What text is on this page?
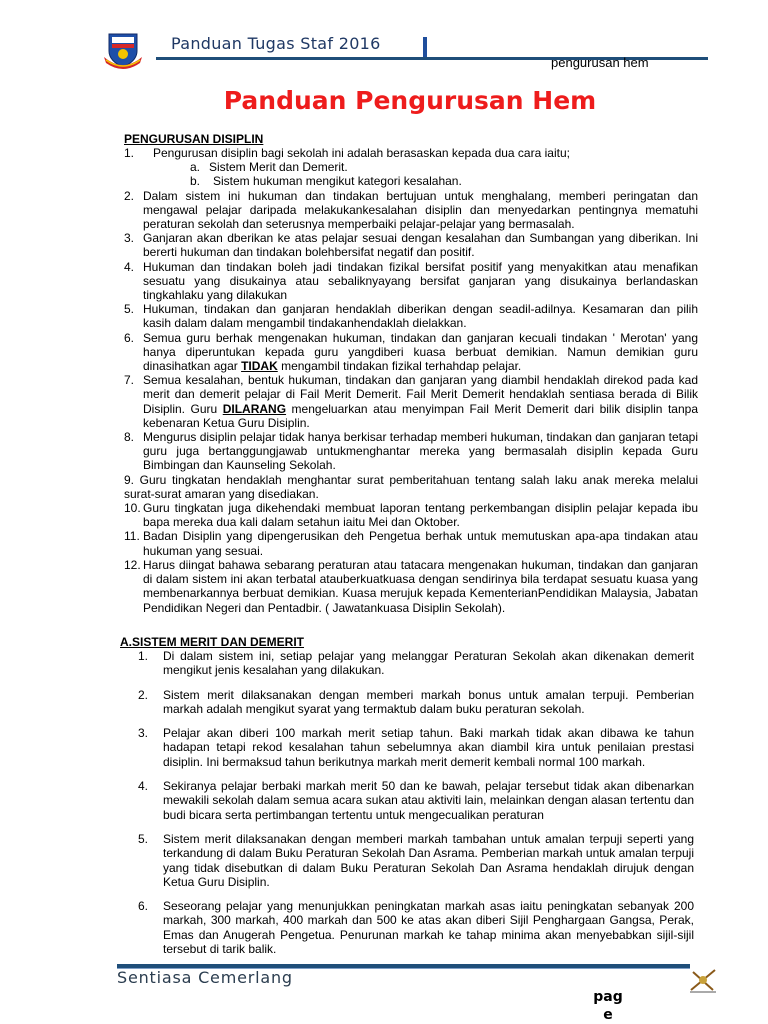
Panduan Tugas Staf 2016
pengurusan hem
Panduan Pengurusan Hem
PENGURUSAN DISIPLIN
1. Pengurusan disiplin bagi sekolah ini adalah berasaskan kepada dua cara iaitu;
a. Sistem Merit dan Demerit.
b. Sistem hukuman mengikut kategori kesalahan.
2. Dalam sistem ini hukuman dan tindakan bertujuan untuk menghalang, memberi peringatan dan mengawal pelajar daripada melakukankesalahan disiplin dan menyedarkan pentingnya mematuhi peraturan sekolah dan seterusnya memperbaiki pelajar-pelajar yang bermasalah.
3. Ganjaran akan dberikan ke atas pelajar sesuai dengan kesalahan dan Sumbangan yang diberikan. Ini bererti hukuman dan tindakan bolehbersifat negatif dan positif.
4. Hukuman dan tindakan boleh jadi tindakan fizikal bersifat positif yang menyakitkan atau menafikan sesuatu yang disukainya atau sebaliknyayang bersifat ganjaran yang disukainya berlandaskan tingkahlaku yang dilakukan
5. Hukuman, tindakan dan ganjaran hendaklah diberikan dengan seadil-adilnya. Kesamaran dan pilih kasih dalam dalam mengambil tindakanhendaklah dielakkan.
6. Semua guru berhak mengenakan hukuman, tindakan dan ganjaran kecuali tindakan ' Merotan' yang hanya diperuntukan kepada guru yangdiberi kuasa berbuat demikian. Namun demikian guru dinasihatkan agar TIDAK mengambil tindakan fizikal terhahdap pelajar.
7. Semua kesalahan, bentuk hukuman, tindakan dan ganjaran yang diambil hendaklah direkod pada kad merit dan demerit pelajar di Fail Merit Demerit. Fail Merit Demerit hendaklah sentiasa berada di Bilik Disiplin. Guru DILARANG mengeluarkan atau menyimpan Fail Merit Demerit dari bilik disiplin tanpa kebenaran Ketua Guru Disiplin.
8. Mengurus disiplin pelajar tidak hanya berkisar terhadap memberi hukuman, tindakan dan ganjaran tetapi guru juga bertanggungjawab untukmenghantar mereka yang bermasalah disiplin kepada Guru Bimbingan dan Kaunseling Sekolah.
9. Guru tingkatan hendaklah menghantar surat pemberitahuan tentang salah laku anak mereka melalui surat-surat amaran yang disediakan.
10. Guru tingkatan juga dikehendaki membuat laporan tentang perkembangan disiplin pelajar kepada ibu bapa mereka dua kali dalam setahun iaitu Mei dan Oktober.
11. Badan Disiplin yang dipengerusikan deh Pengetua berhak untuk memutuskan apa-apa tindakan atau hukuman yang sesuai.
12. Harus diingat bahawa sebarang peraturan atau tatacara mengenakan hukuman, tindakan dan ganjaran di dalam sistem ini akan terbatal atauberkuatkuasa dengan sendirinya bila terdapat sesuatu kuasa yang membenarkannya berbuat demikian. Kuasa merujuk kepada KementerianPendidikan Malaysia, Jabatan Pendidikan Negeri dan Pentadbir. ( Jawatankuasa Disiplin Sekolah).
A.SISTEM MERIT DAN DEMERIT
1. Di dalam sistem ini, setiap pelajar yang melanggar Peraturan Sekolah akan dikenakan demerit mengikut jenis kesalahan yang dilakukan.
2. Sistem merit dilaksanakan dengan memberi markah bonus untuk amalan terpuji. Pemberian markah adalah mengikut syarat yang termaktub dalam buku peraturan sekolah.
3. Pelajar akan diberi 100 markah merit setiap tahun. Baki markah tidak akan dibawa ke tahun hadapan tetapi rekod kesalahan tahun sebelumnya akan diambil kira untuk penilaian prestasi disiplin. Ini bermaksud tahun berikutnya markah merit demerit kembali normal 100 markah.
4. Sekiranya pelajar berbaki markah merit 50 dan ke bawah, pelajar tersebut tidak akan dibenarkan mewakili sekolah dalam semua acara sukan atau aktiviti lain, melainkan dengan alasan tertentu dan budi bicara serta pertimbangan tertentu untuk mengecualikan peraturan
5. Sistem merit dilaksanakan dengan memberi markah tambahan untuk amalan terpuji seperti yang terkandung di dalam Buku Peraturan Sekolah Dan Asrama. Pemberian markah untuk amalan terpuji yang tidak disebutkan di dalam Buku Peraturan Sekolah Dan Asrama hendaklah dirujuk dengan Ketua Guru Disiplin.
6. Seseorang pelajar yang menunjukkan peningkatan markah asas iaitu peningkatan sebanyak 200 markah, 300 markah, 400 markah dan 500 ke atas akan diberi Sijil Penghargaan Gangsa, Perak, Emas dan Anugerah Pengetua. Penurunan markah ke tahap minima akan menyebabkan sijil-sijil tersebut di tarik balik.
Sentiasa Cemerlang
pag
e
